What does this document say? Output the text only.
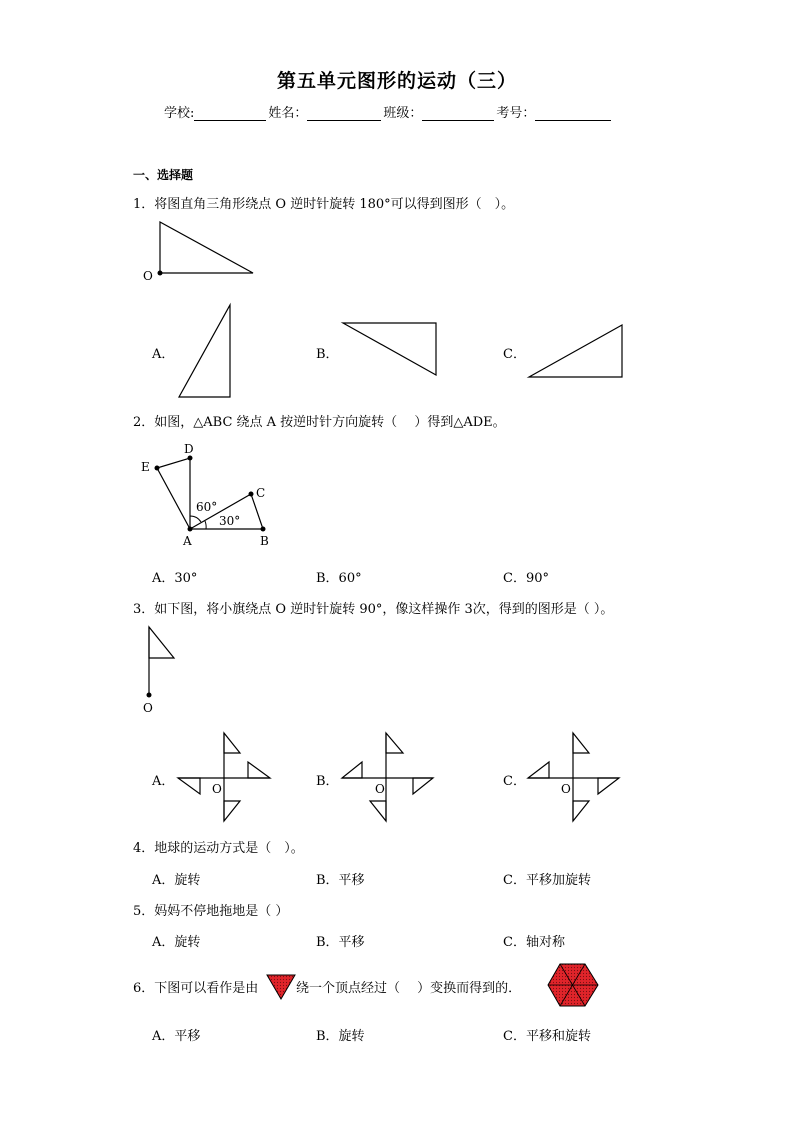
第五单元图形的运动（三）
学校:	姓名：	班级：	考号：
一、选择题
1．将图直角三角形绕点 O 逆时针旋转 180°可以得到图形（　）。
O
A．	B．	C．
2．如图，△ABC 绕点 A 按逆时针方向旋转（　 ）得到△ADE。
A	B
C
D
E
60°
30°
A．30°	B．60°	C．90°
3．如下图，将小旗绕点 O 逆时针旋转 90°，像这样操作 3次，得到的图形是（ ）。
O
O	O	O
A．	B．	C．
4．地球的运动方式是（　）。
A．旋转	B．平移	C．平移加旋转
5．妈妈不停地拖地是（ ）
A．旋转	B．平移	C．轴对称
6．下图可以看作是由	绕一个顶点经过（　 ）变换而得到的．
A．平移	B．旋转	C．平移和旋转
